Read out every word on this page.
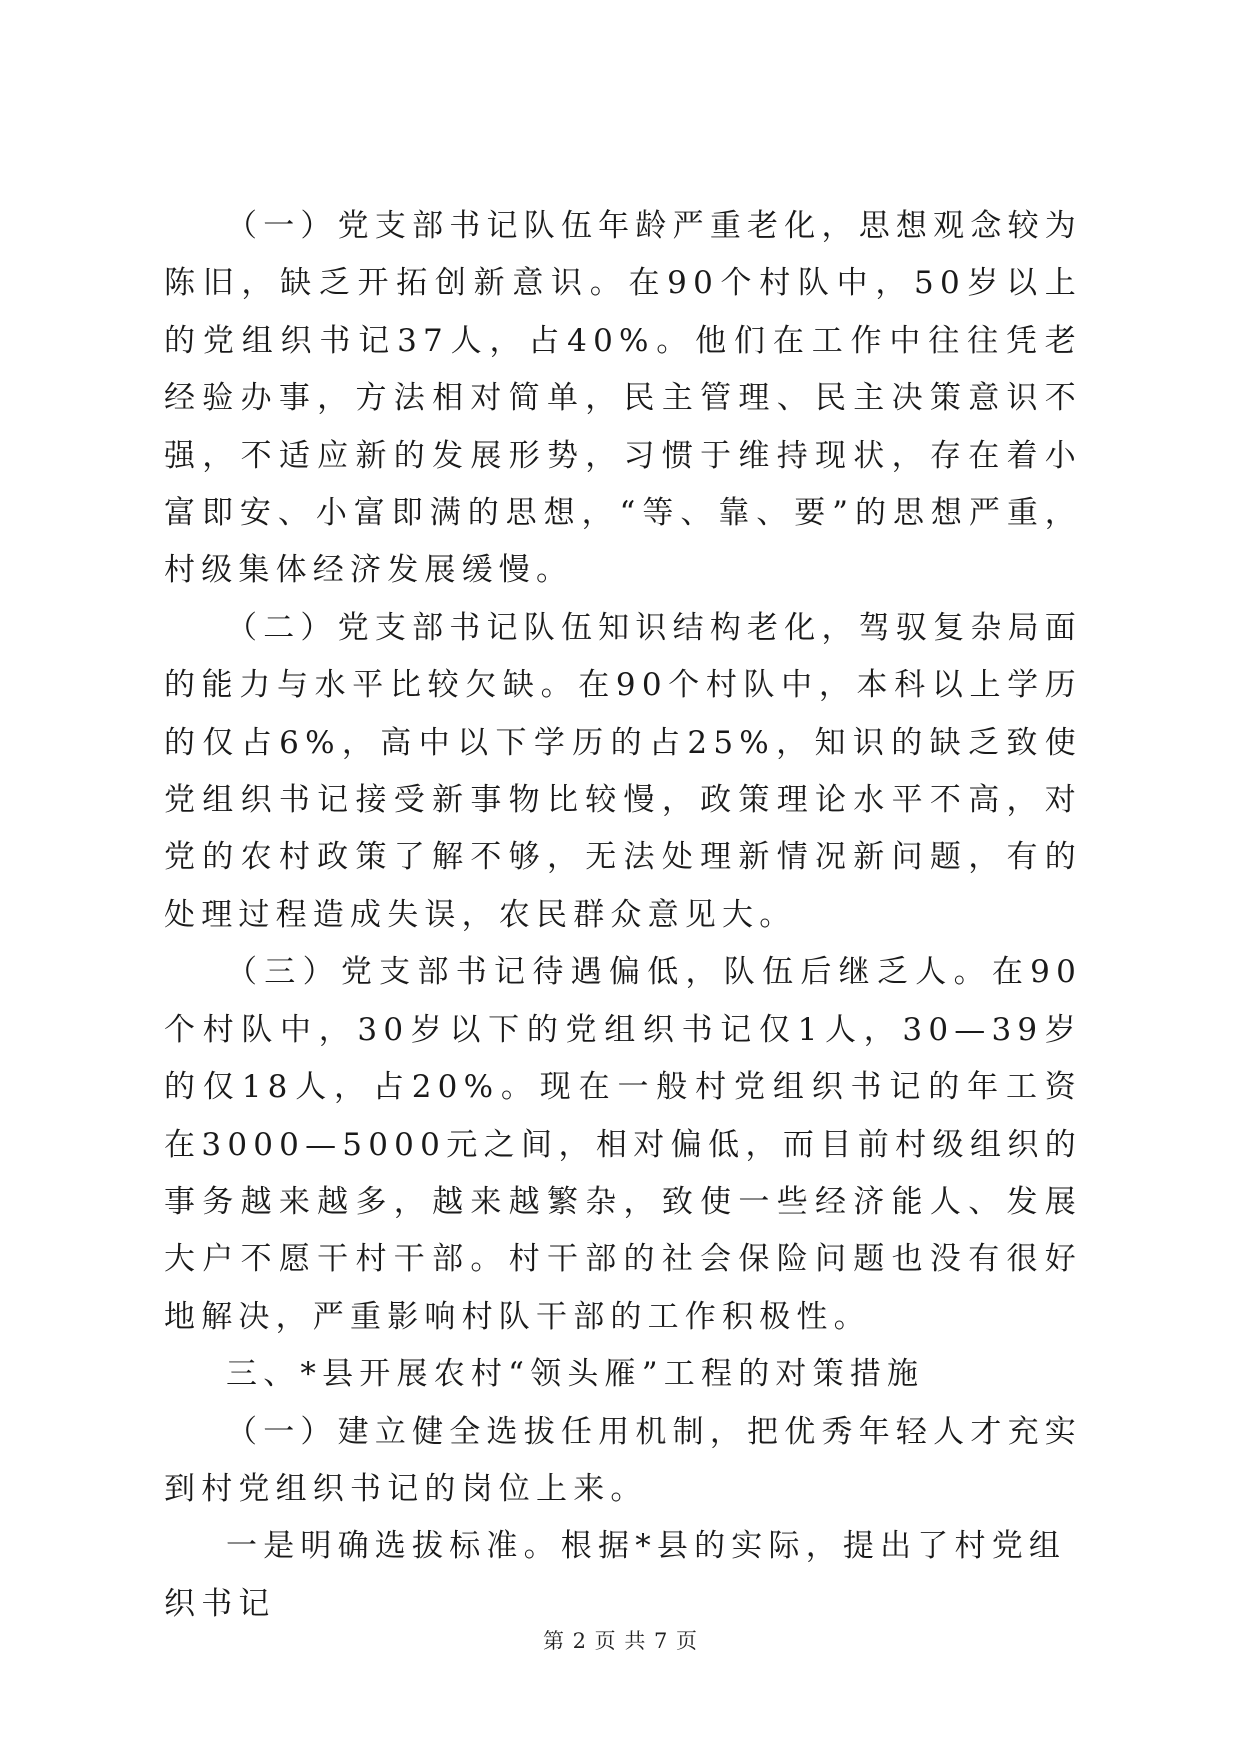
（一）党支部书记队伍年龄严重老化，思想观念较为陈旧，缺乏开拓创新意识。在90个村队中，50岁以上的党组织书记37人，占40%。他们在工作中往往凭老经验办事，方法相对简单，民主管理、民主决策意识不强，不适应新的发展形势，习惯于维持现状，存在着小富即安、小富即满的思想，“等、靠、要”的思想严重，村级集体经济发展缓慢。

（二）党支部书记队伍知识结构老化，驾驭复杂局面的能力与水平比较欠缺。在90个村队中，本科以上学历的仅占6%，高中以下学历的占25%，知识的缺乏致使党组织书记接受新事物比较慢，政策理论水平不高，对党的农村政策了解不够，无法处理新情况新问题，有的处理过程造成失误，农民群众意见大。

（三）党支部书记待遇偏低，队伍后继乏人。在90个村队中，30岁以下的党组织书记仅1人，30—39岁的仅18人，占20%。现在一般村党组织书记的年工资在3000—5000元之间，相对偏低，而目前村级组织的事务越来越多，越来越繁杂，致使一些经济能人、发展大户不愿干村干部。村干部的社会保险问题也没有很好地解决，严重影响村队干部的工作积极性。

三、*县开展农村“领头雁”工程的对策措施

（一）建立健全选拔任用机制，把优秀年轻人才充实到村党组织书记的岗位上来。

一是明确选拔标准。根据*县的实际，提出了村党组织书记

第 2 页 共 7 页
